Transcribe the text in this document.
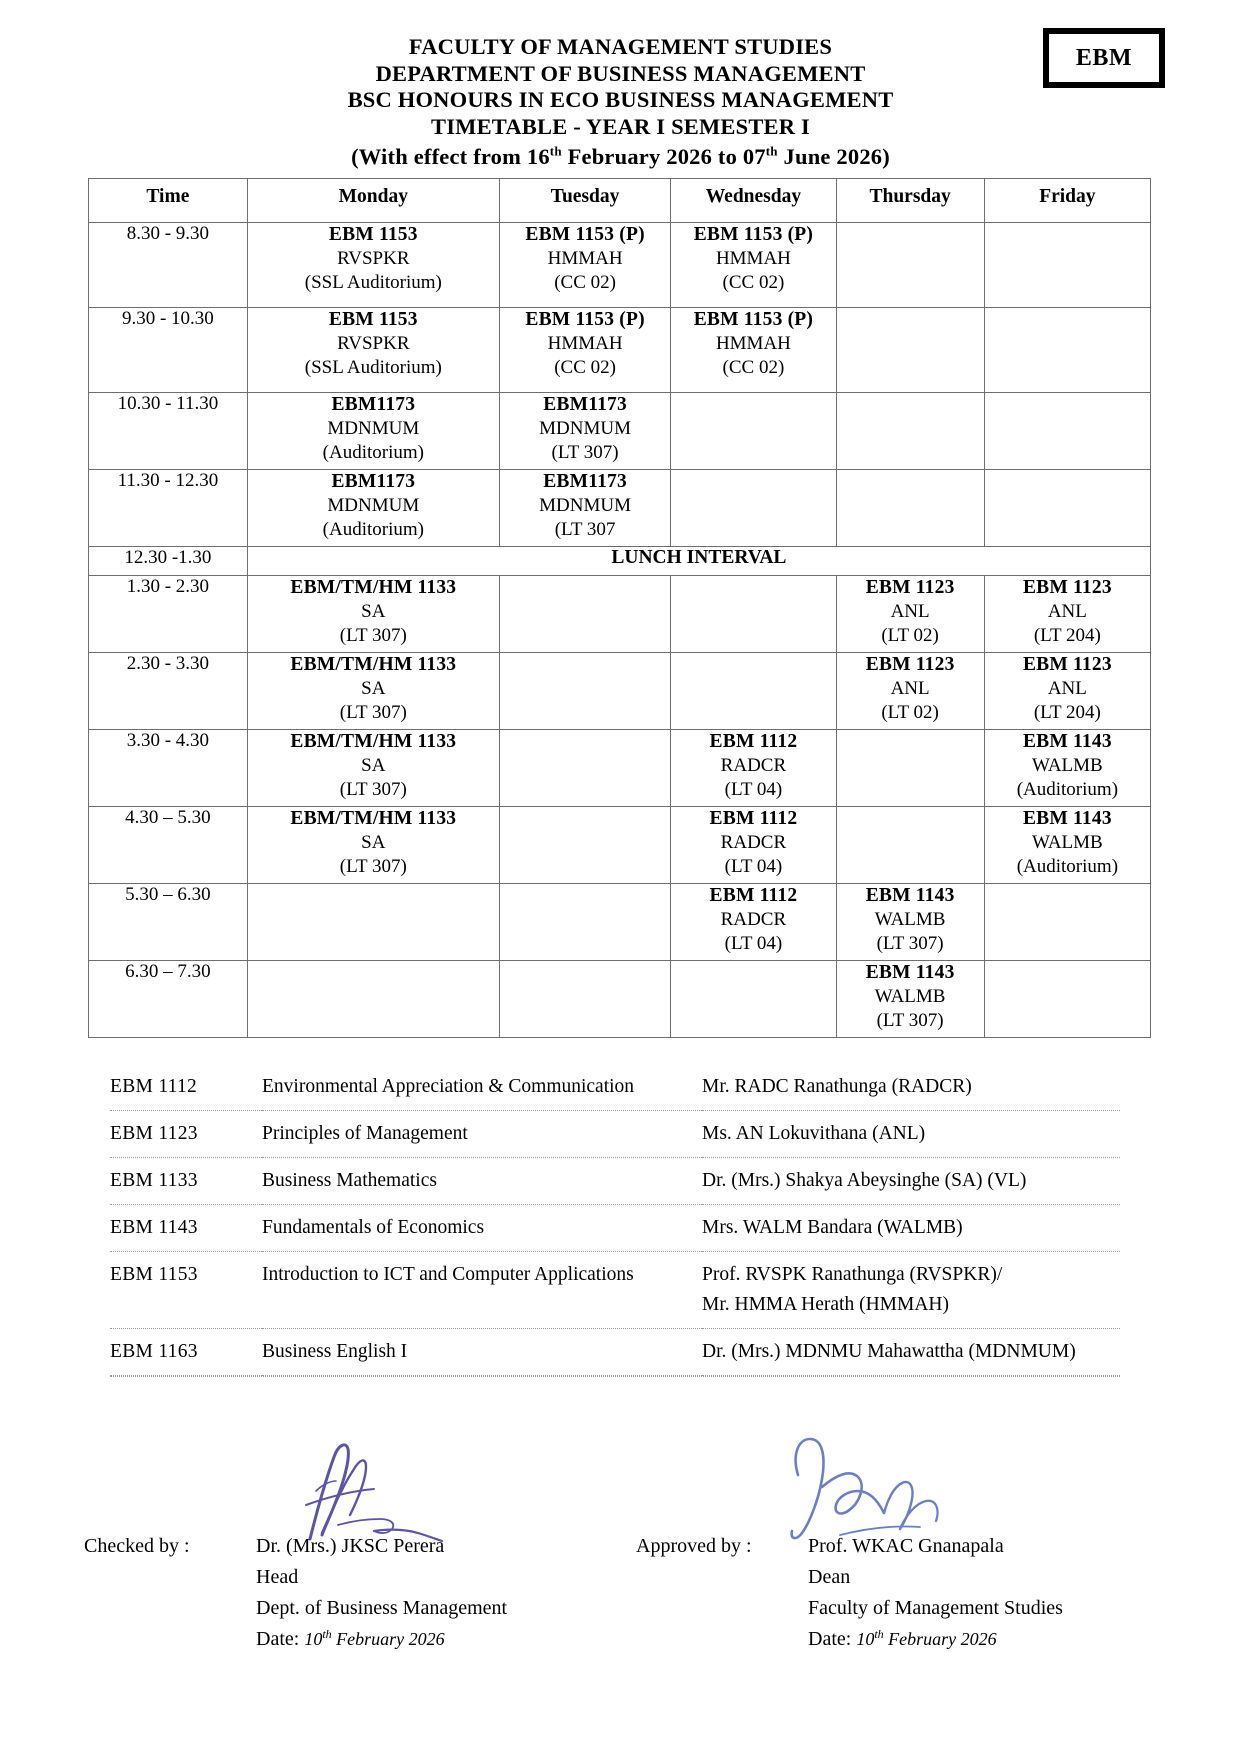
EBM
FACULTY OF MANAGEMENT STUDIES
DEPARTMENT OF BUSINESS MANAGEMENT
BSC HONOURS IN ECO BUSINESS MANAGEMENT
TIMETABLE - YEAR I SEMESTER I
(With effect from 16th February 2026 to 07th June 2026)
Time	Monday	Tuesday	Wednesday	Thursday	Friday
8.30 - 9.30	EBM 1153
RVSPKR
(SSL Auditorium)	EBM 1153 (P)
HMMAH
(CC 02)	EBM 1153 (P)
HMMAH
(CC 02)		

9.30 - 10.30	EBM 1153
RVSPKR
(SSL Auditorium)	EBM 1153 (P)
HMMAH
(CC 02)	EBM 1153 (P)
HMMAH
(CC 02)		

10.30 - 11.30	EBM1173
MDNMUM
(Auditorium)	EBM1173
MDNMUM
(LT 307)			

11.30 - 12.30	EBM1173
MDNMUM
(Auditorium)	EBM1173
MDNMUM
(LT 307			

12.30 -1.30	LUNCH INTERVAL				
1.30 - 2.30	EBM/TM/HM 1133
SA
(LT 307)			EBM 1123
ANL
(LT 02)	EBM 1123
ANL
(LT 204)

2.30 - 3.30	EBM/TM/HM 1133
SA
(LT 307)			EBM 1123
ANL
(LT 02)	EBM 1123
ANL
(LT 204)

3.30 - 4.30	EBM/TM/HM 1133
SA
(LT 307)		EBM 1112
RADCR
(LT 04)		EBM 1143
WALMB
(Auditorium)

4.30 – 5.30	EBM/TM/HM 1133
SA
(LT 307)		EBM 1112
RADCR
(LT 04)		EBM 1143
WALMB
(Auditorium)

5.30 – 6.30			EBM 1112
RADCR
(LT 04)	EBM 1143
WALMB
(LT 307)	

6.30 – 7.30				EBM 1143
WALMB
(LT 307)	

EBM 1112	Environmental Appreciation & Communication	Mr. RADC Ranathunga (RADCR)
EBM 1123	Principles of Management	Ms. AN Lokuvithana (ANL)
EBM 1133	Business Mathematics	Dr. (Mrs.) Shakya Abeysinghe (SA) (VL)
EBM 1143	Fundamentals of Economics	Mrs. WALM Bandara (WALMB)
EBM 1153	Introduction to ICT and Computer Applications	Prof. RVSPK Ranathunga (RVSPKR)/
Mr. HMMA Herath (HMMAH)

EBM 1163	Business English I	Dr. (Mrs.) MDNMU Mahawattha (MDNMUM)
Checked by :	Dr. (Mrs.) JKSC Perera
Head
Dept. of Business Management
Date: 10th February 2026
Approved by :	Prof. WKAC Gnanapala
Dean
Faculty of Management Studies
Date: 10th February 2026
